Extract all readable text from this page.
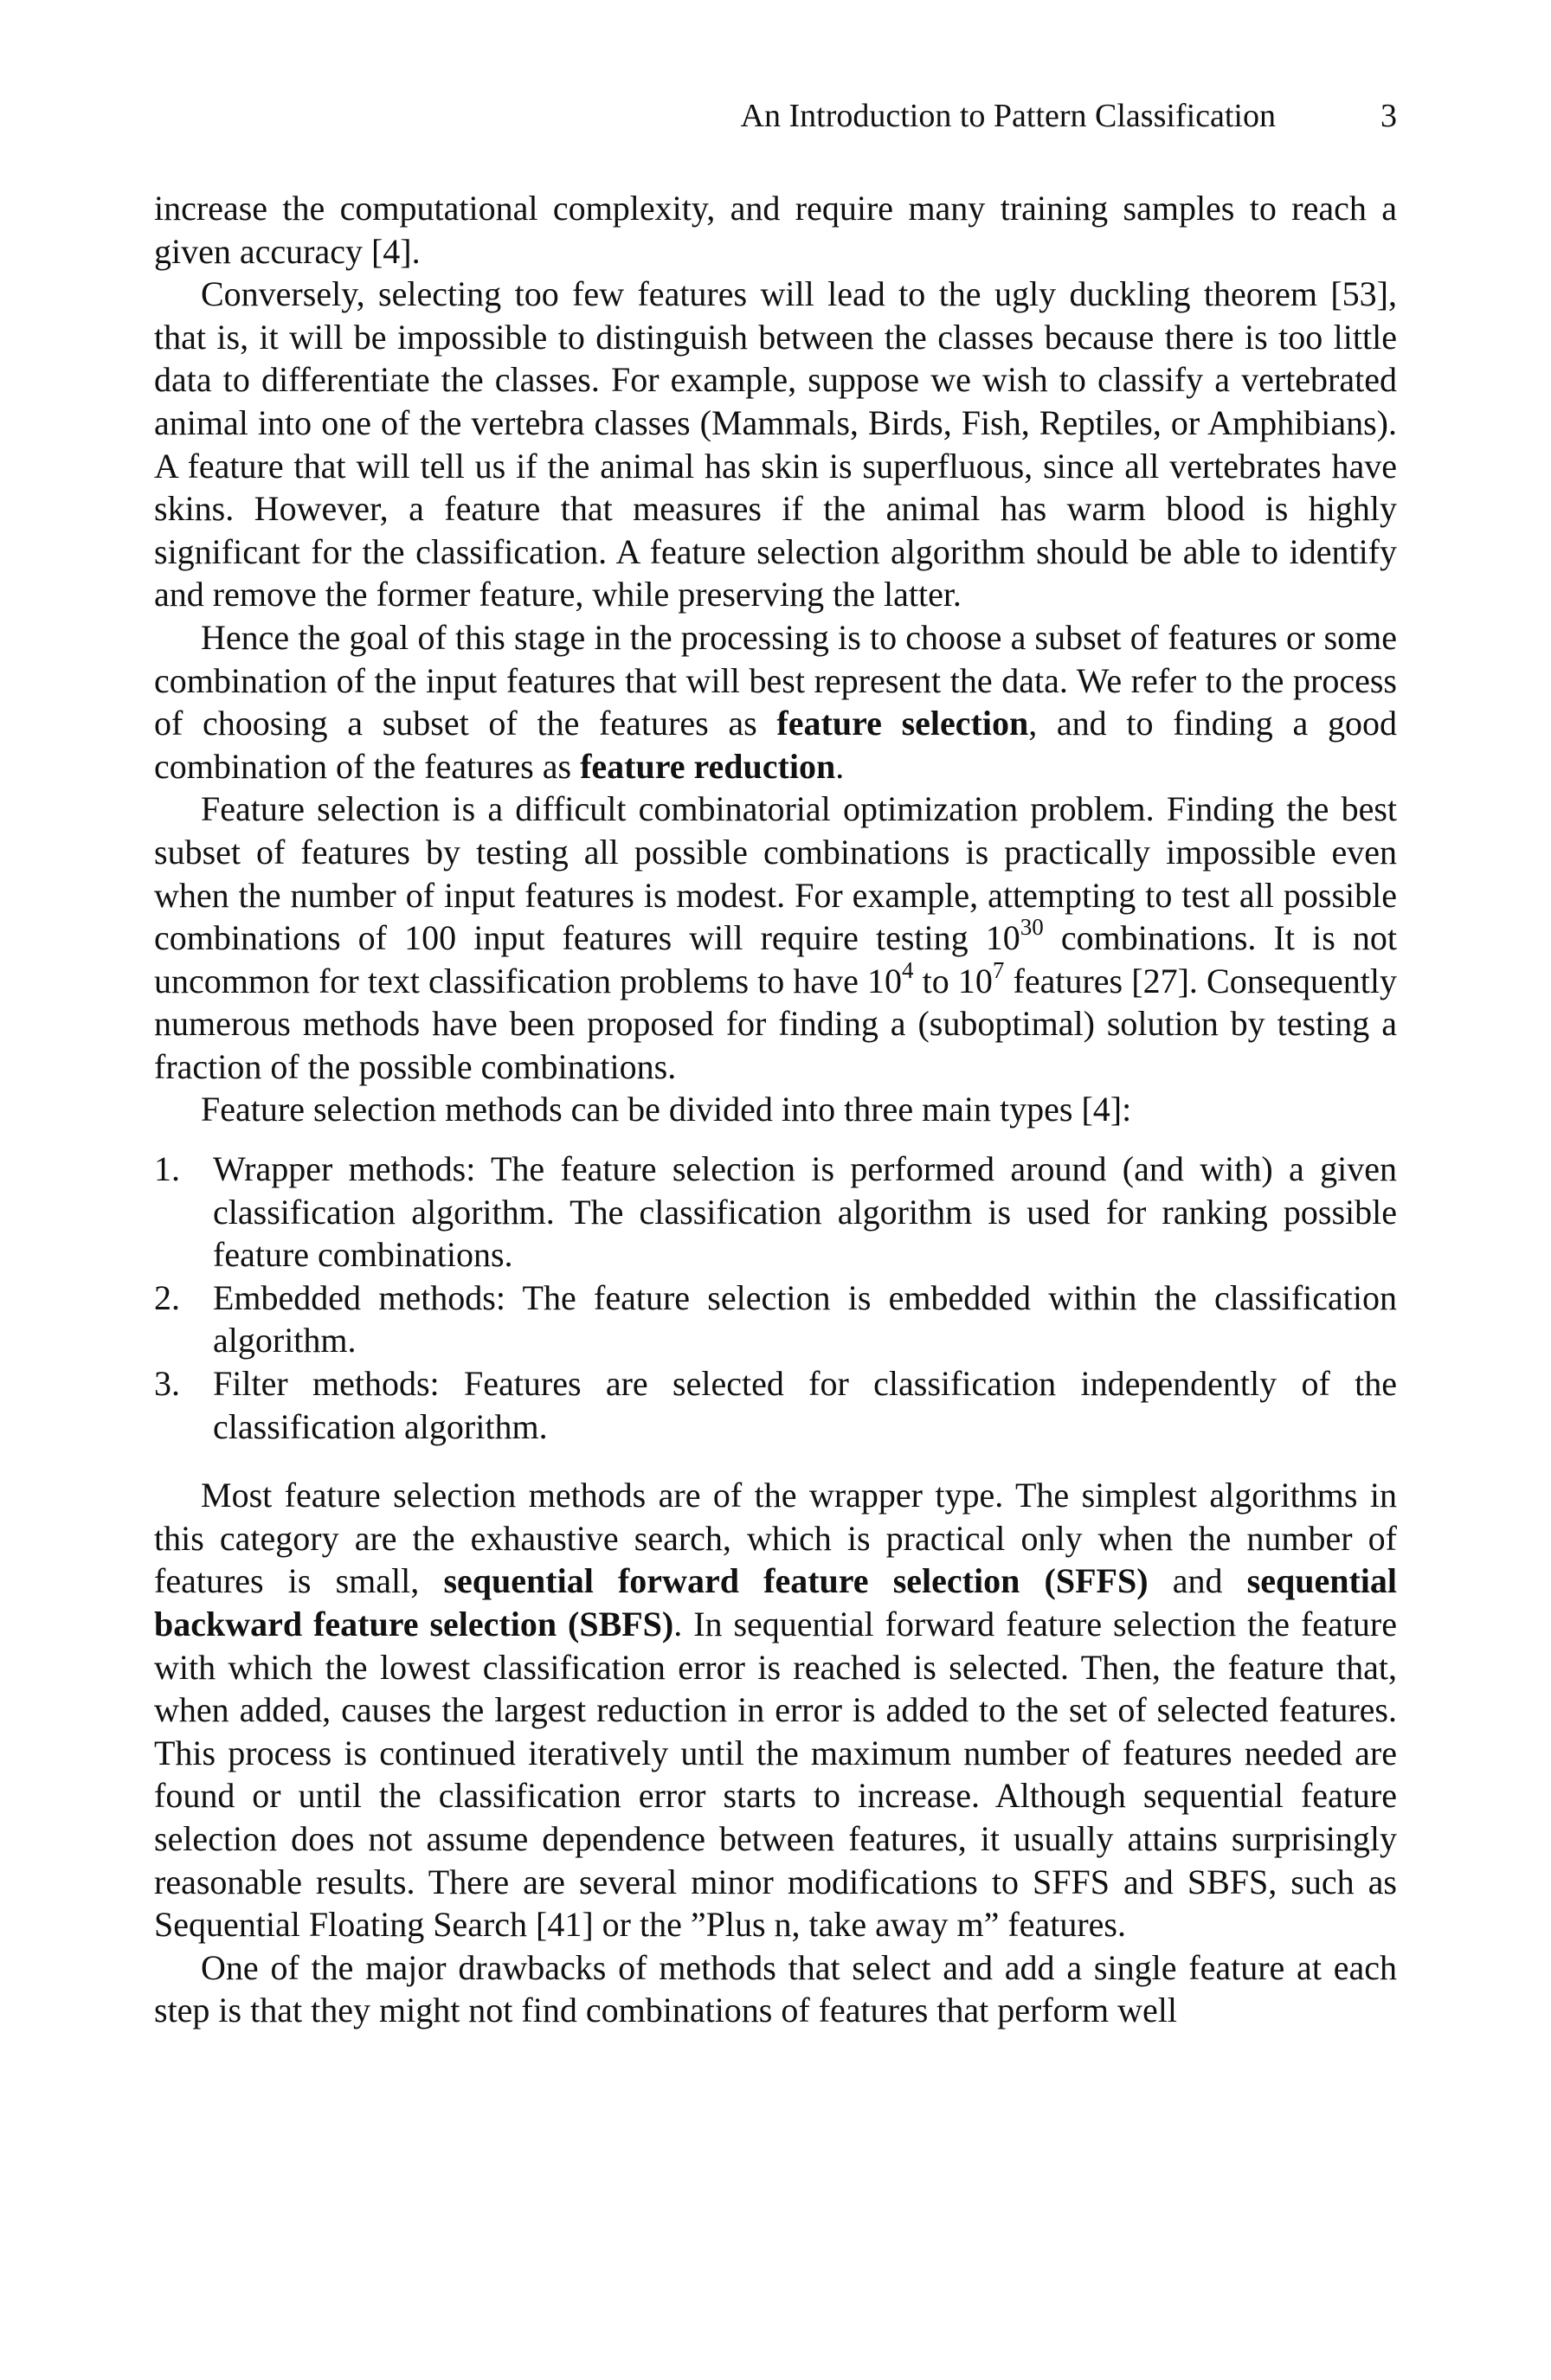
An Introduction to Pattern Classification	3

increase the computational complexity, and require many training samples to reach a given accuracy [4].

Conversely, selecting too few features will lead to the ugly duckling theorem [53], that is, it will be impossible to distinguish between the classes because there is too little data to differentiate the classes. For example, suppose we wish to classify a vertebrated animal into one of the vertebra classes (Mammals, Birds, Fish, Reptiles, or Amphibians). A feature that will tell us if the animal has skin is superfluous, since all vertebrates have skins. However, a feature that measures if the animal has warm blood is highly significant for the classification. A feature selection algorithm should be able to identify and remove the former feature, while preserving the latter.

Hence the goal of this stage in the processing is to choose a subset of features or some combination of the input features that will best represent the data. We refer to the process of choosing a subset of the features as feature selection, and to finding a good combination of the features as feature reduction.

Feature selection is a difficult combinatorial optimization problem. Finding the best subset of features by testing all possible combinations is practically impossible even when the number of input features is modest. For example, attempting to test all possible combinations of 100 input features will require testing $10^{30}$ combinations. It is not uncommon for text classification problems to have $10^4$ to $10^7$ features [27]. Consequently numerous methods have been proposed for finding a (suboptimal) solution by testing a fraction of the possible combinations.

Feature selection methods can be divided into three main types [4]:

1. Wrapper methods: The feature selection is performed around (and with) a given classification algorithm. The classification algorithm is used for ranking possible feature combinations.
2. Embedded methods: The feature selection is embedded within the classification algorithm.
3. Filter methods: Features are selected for classification independently of the classification algorithm.

Most feature selection methods are of the wrapper type. The simplest algorithms in this category are the exhaustive search, which is practical only when the number of features is small, sequential forward feature selection (SFFS) and sequential backward feature selection (SBFS). In sequential forward feature selection the feature with which the lowest classification error is reached is selected. Then, the feature that, when added, causes the largest reduction in error is added to the set of selected features. This process is continued iteratively until the maximum number of features needed are found or until the classification error starts to increase. Although sequential feature selection does not assume dependence between features, it usually attains surprisingly reasonable results. There are several minor modifications to SFFS and SBFS, such as Sequential Floating Search [41] or the ”Plus n, take away m” features.

One of the major drawbacks of methods that select and add a single feature at each step is that they might not find combinations of features that perform well
